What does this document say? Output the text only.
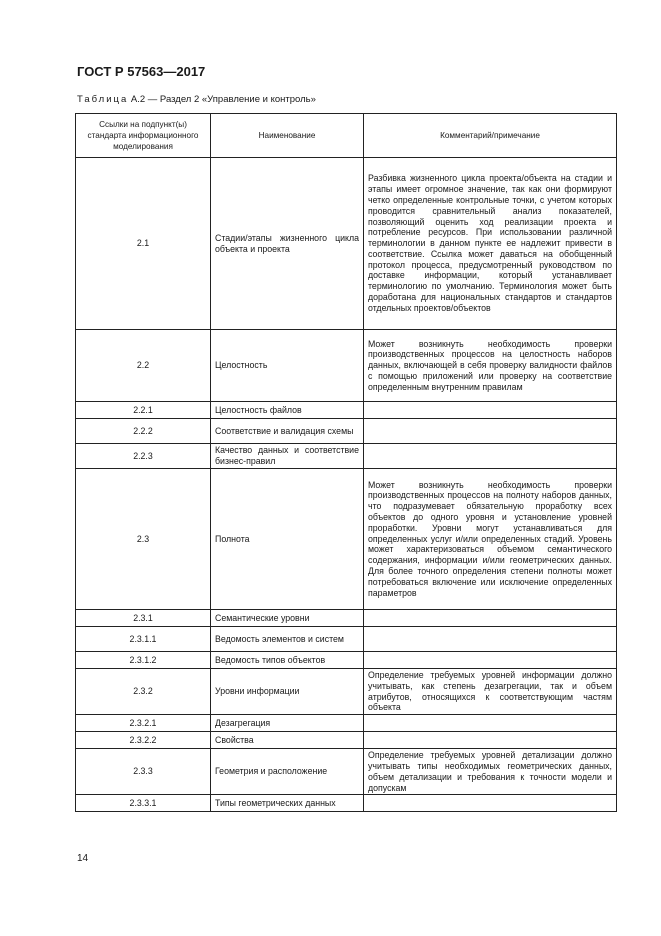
ГОСТ Р 57563—2017
Таблица А.2 — Раздел 2 «Управление и контроль»
Ссылки на подпункт(ы) стандарта информационного моделирования	Наименование	Комментарий/примечание
2.1	Стадии/этапы жизненного цикла объекта и проекта	Разбивка жизненного цикла проекта/объекта на стадии и этапы имеет огромное значение, так как они формируют четко определенные контрольные точки, с учетом которых проводится сравнительный анализ показателей, позволяющий оценить ход реализации проекта и потребление ресурсов. При использовании различной терминологии в данном пункте ее надлежит привести в соответствие. Ссылка может даваться на обобщенный протокол процесса, предусмотренный руководством по доставке информации, который устанавливает терминологию по умолчанию. Терминология может быть доработана для национальных стандартов и стандартов отдельных проектов/объектов
2.2	Целостность	Может возникнуть необходимость проверки производственных процессов на целостность наборов данных, включающей в себя проверку валидности файлов с помощью приложений или проверку на соответствие определенным внутренним правилам
2.2.1	Целостность файлов	
2.2.2	Соответствие и валидация схемы	
2.2.3	Качество данных и соответствие бизнес-правил	
2.3	Полнота	Может возникнуть необходимость проверки производственных процессов на полноту наборов данных, что подразумевает обязательную проработку всех объектов до одного уровня и установление уровней проработки. Уровни могут устанавливаться для определенных услуг и/или определенных стадий. Уровень может характеризоваться объемом семантического содержания, информации и/или геометрических данных. Для более точного определения степени полноты может потребоваться включение или исключение определенных параметров
2.3.1	Семантические уровни	
2.3.1.1	Ведомость элементов и систем	
2.3.1.2	Ведомость типов объектов	
2.3.2	Уровни информации	Определение требуемых уровней информации должно учитывать, как степень дезагрегации, так и объем атрибутов, относящихся к соответствующим частям объекта
2.3.2.1	Дезагрегация	
2.3.2.2	Свойства	
2.3.3	Геометрия и расположение	Определение требуемых уровней детализации должно учитывать типы необходимых геометрических данных, объем детализации и требования к точности модели и допускам
2.3.3.1	Типы геометрических данных	
14
